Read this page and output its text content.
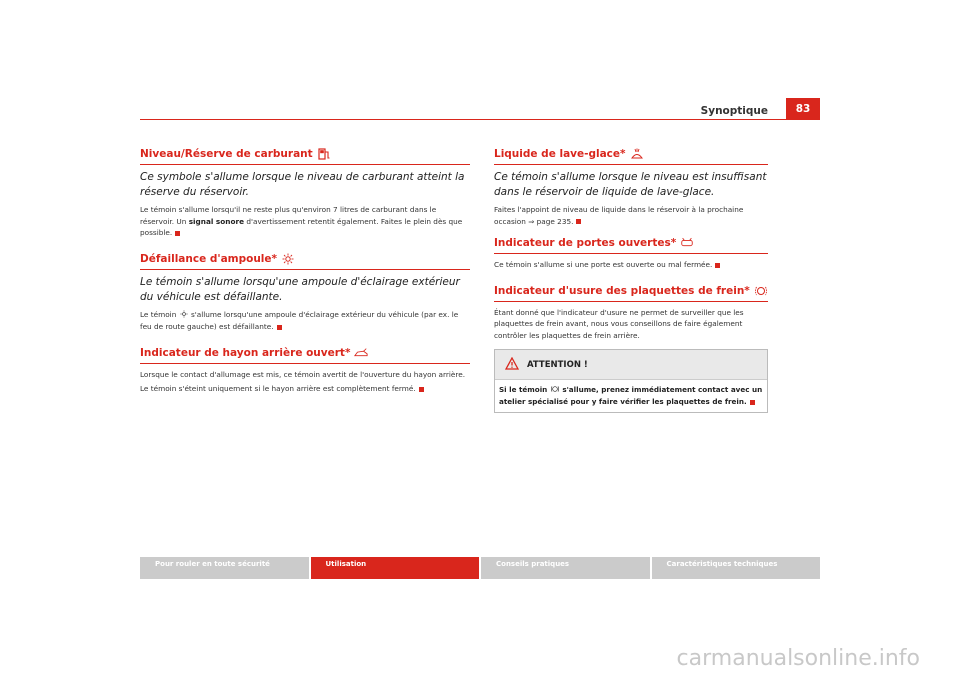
Synoptique	83
Niveau/Réserve de carburant

Ce symbole s'allume lorsque le niveau de carburant atteint la réserve du réservoir.

Le témoin s'allume lorsqu'il ne reste plus qu'environ 7 litres de carburant dans le réservoir. Un signal sonore d'avertissement retentit également. Faites le plein dès que possible.

Défaillance d'ampoule*

Le témoin s'allume lorsqu'une ampoule d'éclairage extérieur du véhicule est défaillante.

Le témoin  s'allume lorsqu'une ampoule d'éclairage extérieur du véhicule (par ex. le feu de route gauche) est défaillante.

Indicateur de hayon arrière ouvert*

Lorsque le contact d'allumage est mis, ce témoin avertit de l'ouverture du hayon arrière.

Le témoin s'éteint uniquement si le hayon arrière est complètement fermé.

Liquide de lave-glace*

Ce témoin s'allume lorsque le niveau est insuffisant dans le réservoir de liquide de lave-glace.

Faites l'appoint de niveau de liquide dans le réservoir à la prochaine occasion ⇒ page 235.

Indicateur de portes ouvertes*

Ce témoin s'allume si une porte est ouverte ou mal fermée.

Indicateur d'usure des plaquettes de frein*

Étant donné que l'indicateur d'usure ne permet de surveiller que les plaquettes de frein avant, nous vous conseillons de faire également contrôler les plaquettes de frein arrière.

ATTENTION !
Si le témoin  s'allume, prenez immédiatement contact avec un atelier spécialisé pour y faire vérifier les plaquettes de frein.
Pour rouler en toute sécurité	Utilisation	Conseils pratiques	Caractéristiques techniques
carmanualsonline.info
